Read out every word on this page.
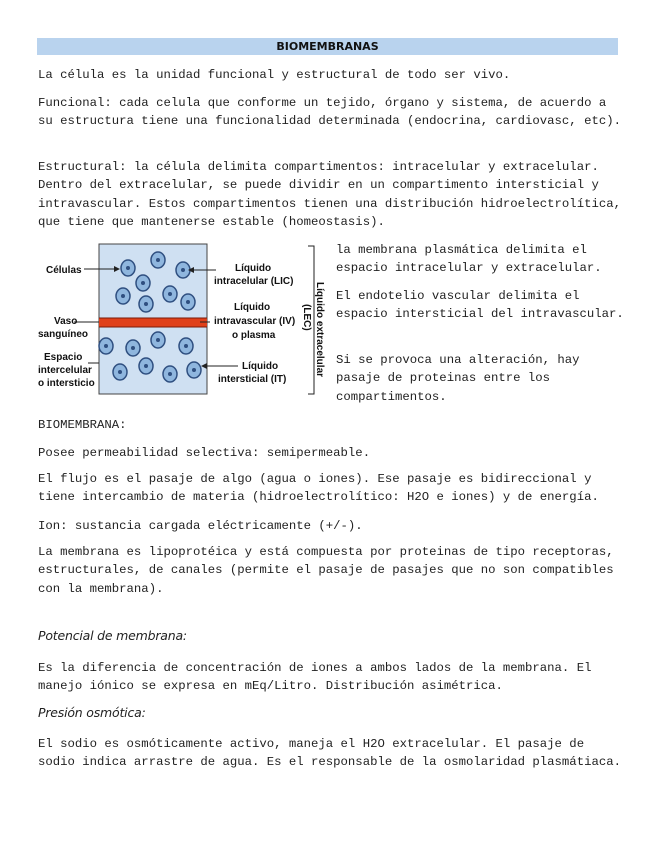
BIOMEMBRANAS

La célula es la unidad funcional y estructural de todo ser vivo.

Funcional: cada celula que conforme un tejido, órgano y sistema, de acuerdo a su estructura tiene una funcionalidad determinada (endocrina, cardiovasc, etc).

Estructural: la célula delimita compartimentos: intracelular y extracelular. Dentro del extracelular, se puede dividir en un compartimento intersticial y intravascular. Estos compartimentos tienen una distribución hidroelectrolítica, que tiene que mantenerse estable (homeostasis).

Células
Vaso
sanguíneo
Espacio
intercelular
o intersticio
Líquido
intracelular (LIC)
Líquido
intravascular (IV)
o plasma
Líquido
intersticial (IT)
Líquido extracelular
(LEC)

la membrana plasmática delimita el espacio intracelular y extracelular.

El endotelio vascular delimita el espacio intersticial del intravascular.

Si se provoca una alteración, hay pasaje de proteinas entre los compartimentos.

BIOMEMBRANA:

Posee permeabilidad selectiva: semipermeable.

El flujo es el pasaje de algo (agua o iones). Ese pasaje es bidireccional y tiene intercambio de materia (hidroelectrolítico: H2O e iones) y de energía.

Ion: sustancia cargada eléctricamente (+/-).

La membrana es lipoprotéica y está compuesta por proteinas de tipo receptoras, estructurales, de canales (permite el pasaje de pasajes que no son compatibles con la membrana).

Potencial de membrana:

Es la diferencia de concentración de iones a ambos lados de la membrana. El manejo iónico se expresa en mEq/Litro. Distribución asimétrica.

Presión osmótica:

El sodio es osmóticamente activo, maneja el H2O extracelular. El pasaje de sodio indica arrastre de agua. Es el responsable de la osmolaridad plasmátiaca.
